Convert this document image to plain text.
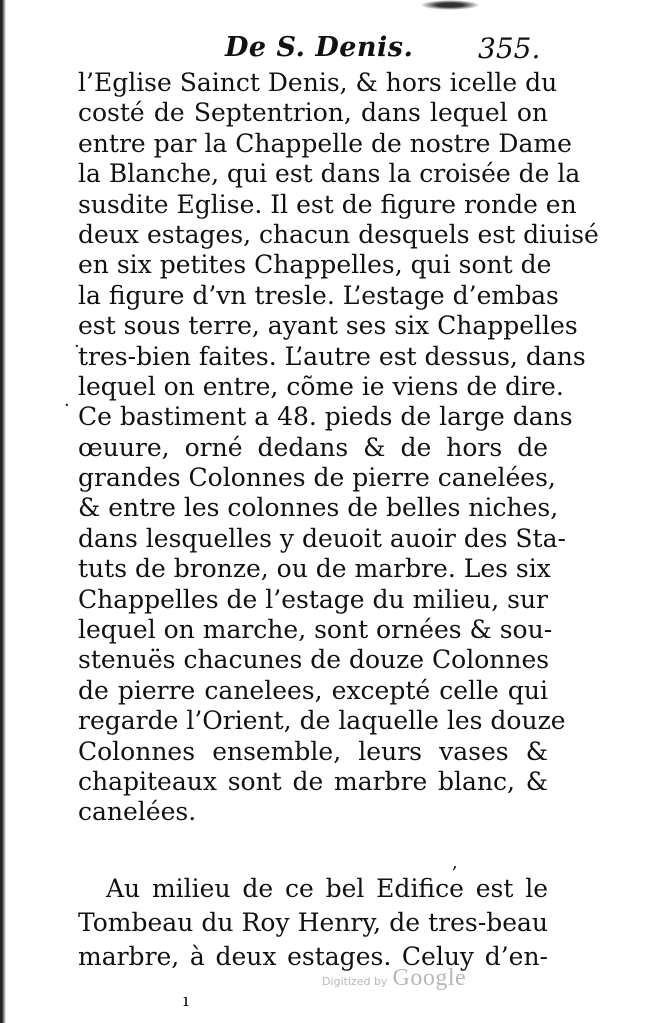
De S. Denis. 355.
l’Eglise Sainct Denis, & hors icelle du
costé de Septentrion, dans lequel on
entre par la Chappelle de nostre Dame
la Blanche, qui est dans la croisée de la
susdite Eglise. Il est de figure ronde en
deux estages, chacun desquels est diuisé
en six petites Chappelles, qui sont de
la figure d’vn tresle. L’estage d’embas
est sous terre, ayant ses six Chappelles
tres-bien faites. L’autre est dessus, dans
lequel on entre, cõme ie viens de dire.
Ce bastiment a 48. pieds de large dans
œuure, orné dedans & de hors de
grandes Colonnes de pierre canelées,
& entre les colonnes de belles niches,
dans lesquelles y deuoit auoir des Sta-
tuts de bronze, ou de marbre. Les six
Chappelles de l’estage du milieu, sur
lequel on marche, sont ornées & sou-
stenuës chacunes de douze Colonnes
de pierre canelees, excepté celle qui
regarde l’Orient, de laquelle les douze
Colonnes ensemble, leurs vases &
chapiteaux sont de marbre blanc, &
canelées.
Au milieu de ce bel Edifice est le
Tombeau du Roy Henry, de tres-beau
marbre, à deux estages. Celuy d’en-
·
·
,
ı
Digitized by Google
